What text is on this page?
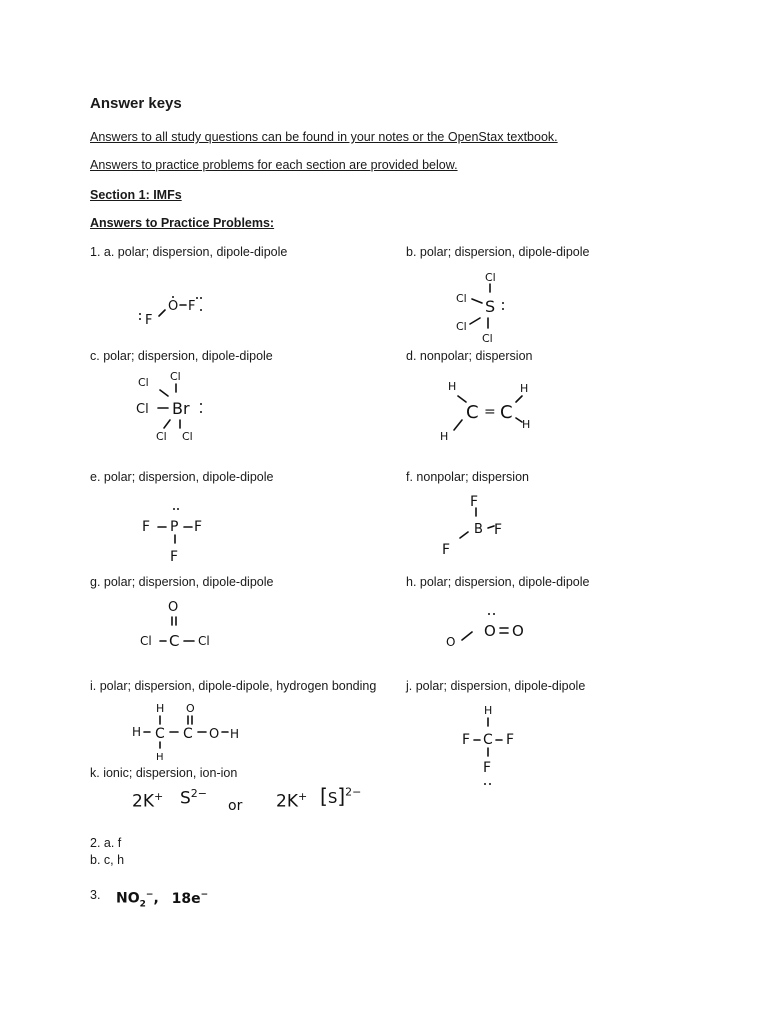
Answer keys
Answers to all study questions can be found in your notes or the OpenStax textbook.
Answers to practice problems for each section are provided below.
Section 1: IMFs
Answers to Practice Problems:
1. a. polar; dispersion, dipole-dipole	b. polar; dispersion, dipole-dipole
c. polar; dispersion, dipole-dipole	d. nonpolar; dispersion
e. polar; dispersion, dipole-dipole	f. nonpolar; dispersion
g. polar; dispersion, dipole-dipole	h. polar; dispersion, dipole-dipole
i. polar; dispersion, dipole-dipole, hydrogen bonding j. polar; dispersion, dipole-dipole
k. ionic; dispersion, ion-ion
2. a. f
b. c, h
3.
F
O F
Cl
Cl S
Cl
Cl
Cl Cl
Cl Br
Cl Cl
H
C = C
H
H
H
F P F
F
F
B
F
F
O
Cl C Cl	O
O O
H O
H C C O H
H
H
F C F
F
2K+ $S^{2-}$
or 2K+ $[S]^{2-}$
$NO_2^-$, 18e−
